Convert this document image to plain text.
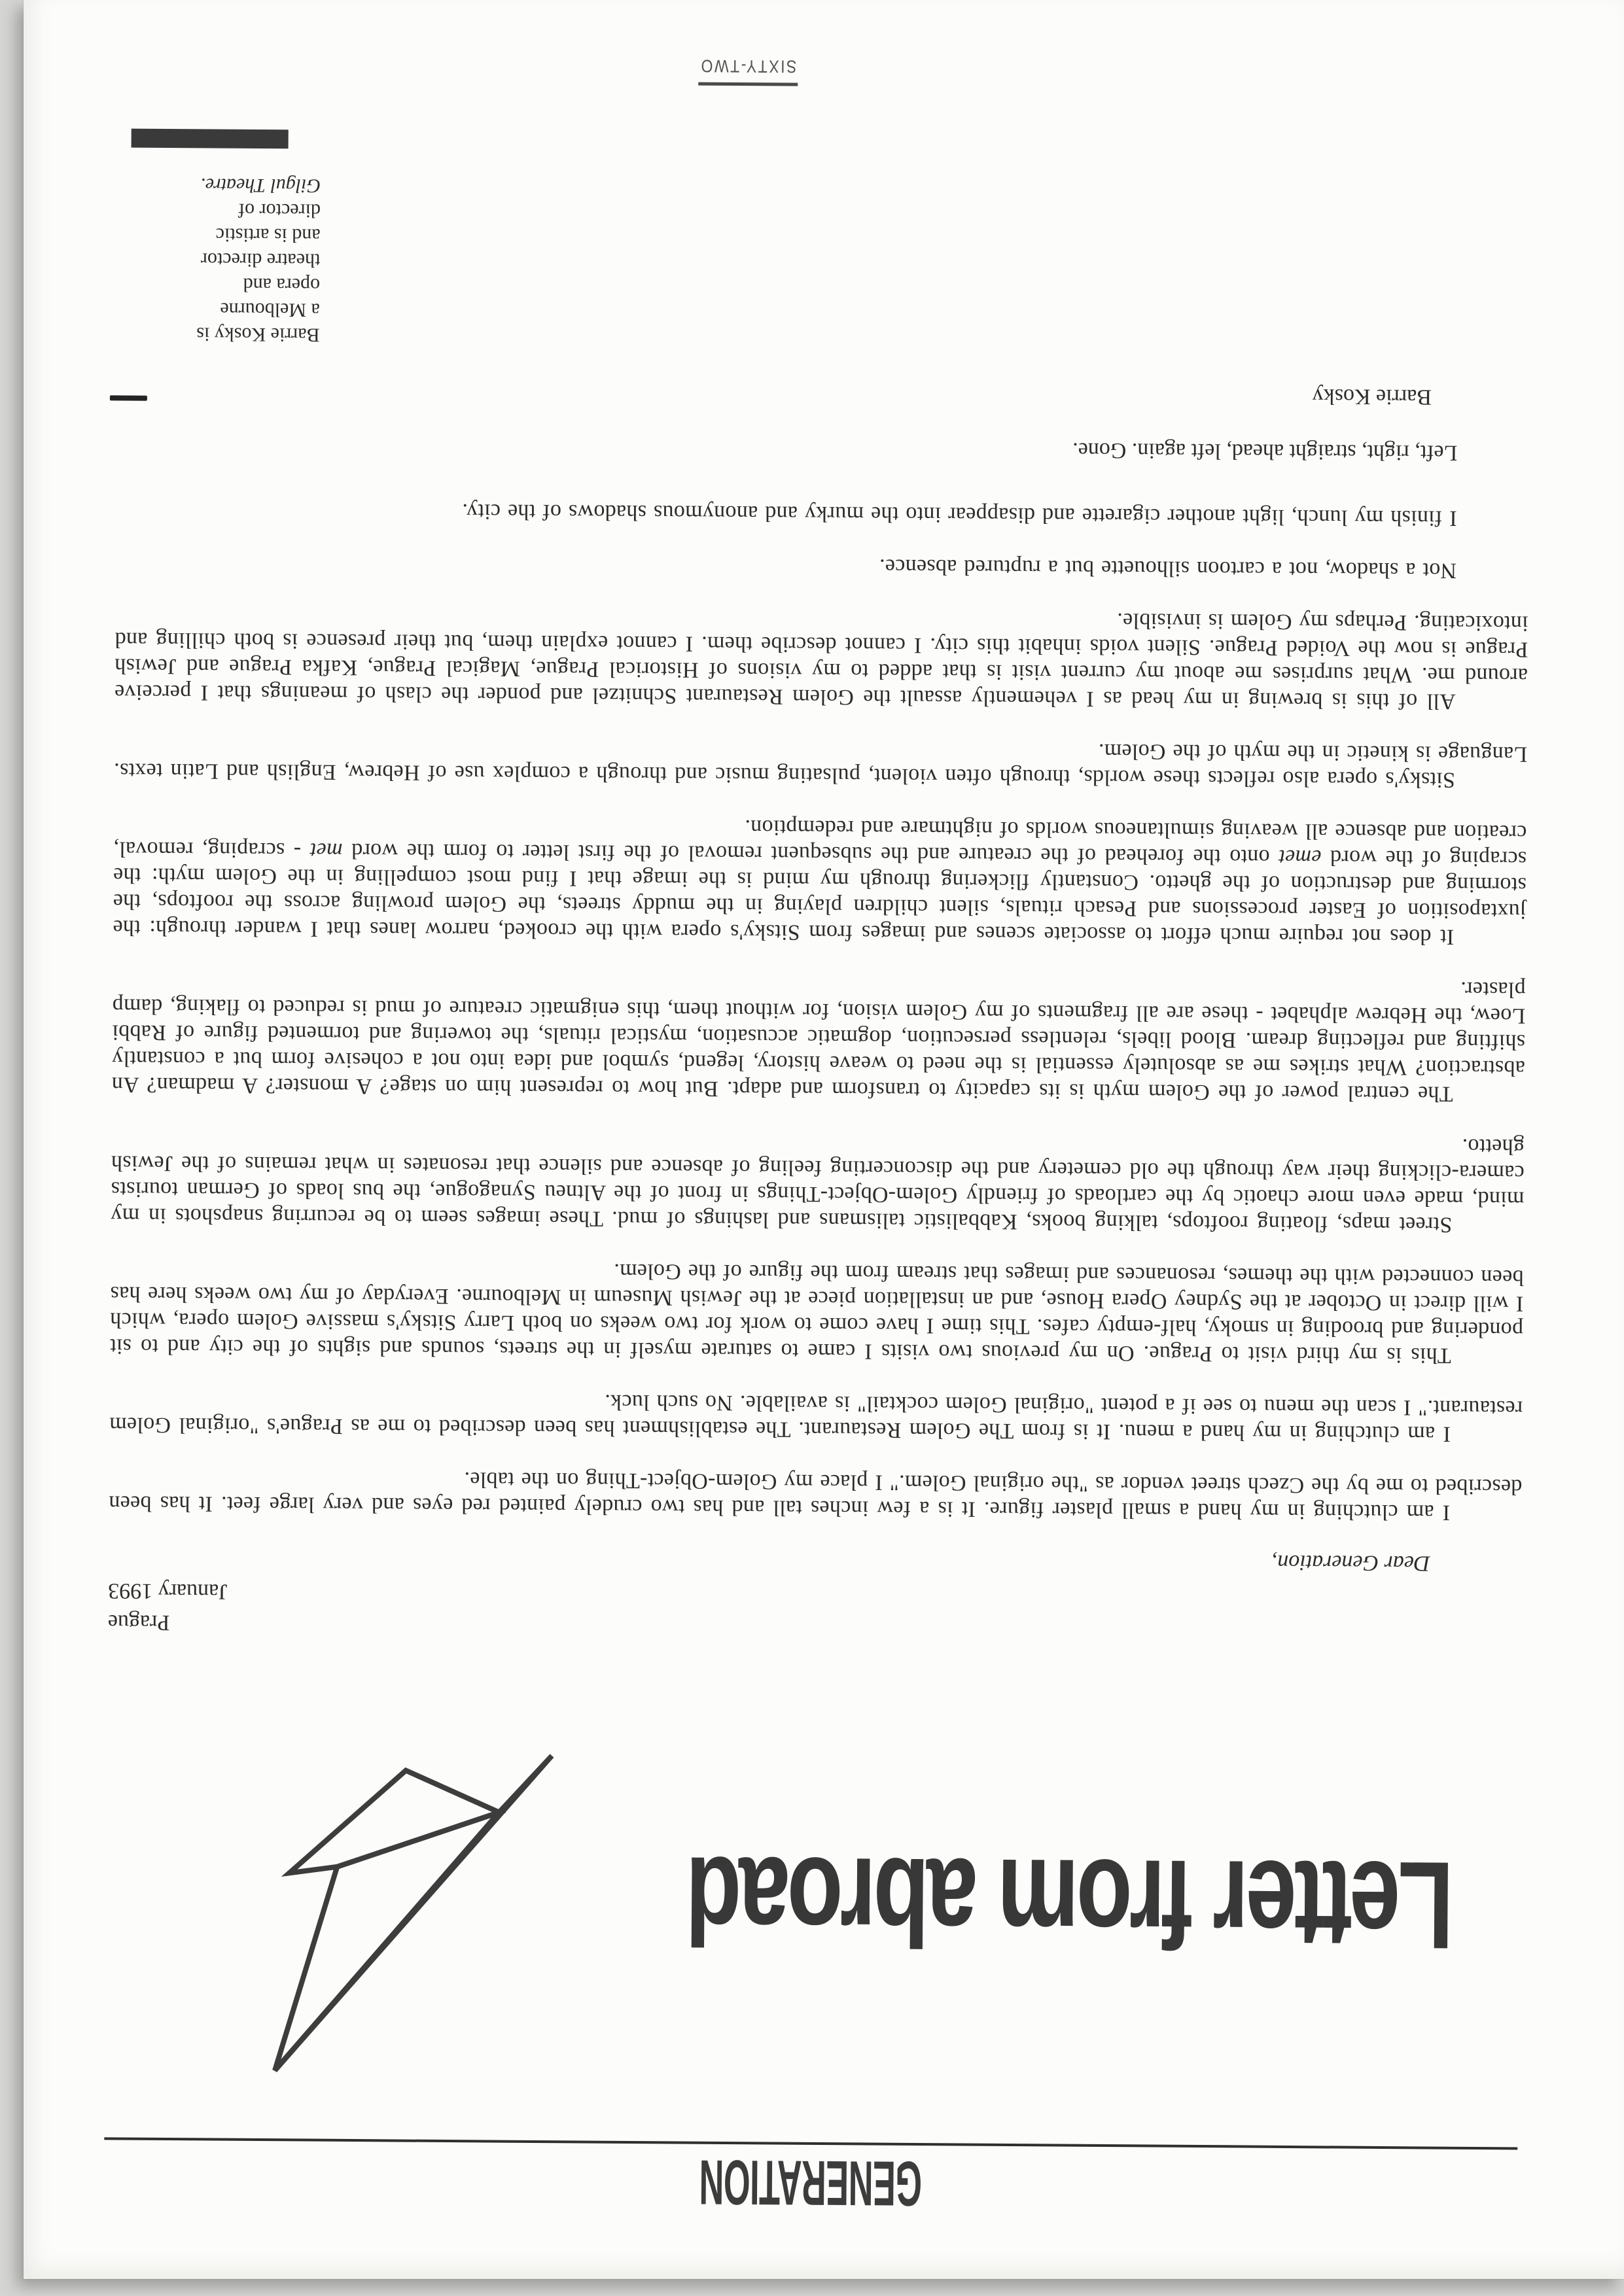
GENERATION
Letter from abroad
Prague
January 1993
Dear Generation,
I am clutching in my hand a small plaster figure. It is a few inches tall and has two crudely painted red eyes and very large feet. It has been described to me by the Czech street vendor as "the original Golem." I place my Golem-Object-Thing on the table.
I am clutching in my hand a menu. It is from The Golem Restaurant. The establishment has been described to me as Prague's "original Golem restaurant." I scan the menu to see if a potent "original Golem cocktail" is available. No such luck.
This is my third visit to Prague. On my previous two visits I came to saturate myself in the streets, sounds and sights of the city and to sit pondering and brooding in smoky, half-empty cafes. This time I have come to work for two weeks on both Larry Sitsky's massive Golem opera, which I will direct in October at the Sydney Opera House, and an installation piece at the Jewish Museum in Melbourne. Everyday of my two weeks here has been connected with the themes, resonances and images that stream from the figure of the Golem.
Street maps, floating rooftops, talking books, Kabbalistic talismans and lashings of mud. These images seem to be recurring snapshots in my mind, made even more chaotic by the cartloads of friendly Golem-Object-Things in front of the Altneu Synagogue, the bus loads of German tourists camera-clicking their way through the old cemetery and the disconcerting feeling of absence and silence that resonates in what remains of the Jewish ghetto.
The central power of the Golem myth is its capacity to transform and adapt. But how to represent him on stage? A monster? A madman? An abstraction? What strikes me as absolutely essential is the need to weave history, legend, symbol and idea into not a cohesive form but a constantly shifting and reflecting dream. Blood libels, relentless persecution, dogmatic accusation, mystical rituals, the towering and tormented figure of Rabbi Loew, the Hebrew alphabet - these are all fragments of my Golem vision, for without them, this enigmatic creature of mud is reduced to flaking, damp plaster.
It does not require much effort to associate scenes and images from Sitsky's opera with the crooked, narrow lanes that I wander through: the juxtaposition of Easter processions and Pesach rituals, silent children playing in the muddy streets, the Golem prowling across the rooftops, the storming and destruction of the ghetto. Constantly flickering through my mind is the image that I find most compelling in the Golem myth: the scraping of the word emet onto the forehead of the creature and the subsequent removal of the first letter to form the word met - scraping, removal, creation and absence all weaving simultaneous worlds of nightmare and redemption.
Sitsky's opera also reflects these worlds, through often violent, pulsating music and through a complex use of Hebrew, English and Latin texts. Language is kinetic in the myth of the Golem.
All of this is brewing in my head as I vehemently assault the Golem Restaurant Schnitzel and ponder the clash of meanings that I perceive around me. What surprises me about my current visit is that added to my visions of Historical Prague, Magical Prague, Kafka Prague and Jewish Prague is now the Voided Prague. Silent voids inhabit this city. I cannot describe them. I cannot explain them, but their presence is both chilling and intoxicating. Perhaps my Golem is invisible.
Not a shadow, not a cartoon silhouette but a ruptured absence.
I finish my lunch, light another cigarette and disappear into the murky and anonymous shadows of the city.
Left, right, straight ahead, left again. Gone.
Barrie Kosky
Barrie Kosky is
a Melbourne
opera and
theatre director
and is artistic
director of
Gilgul Theatre.
SIXTY-TWO
